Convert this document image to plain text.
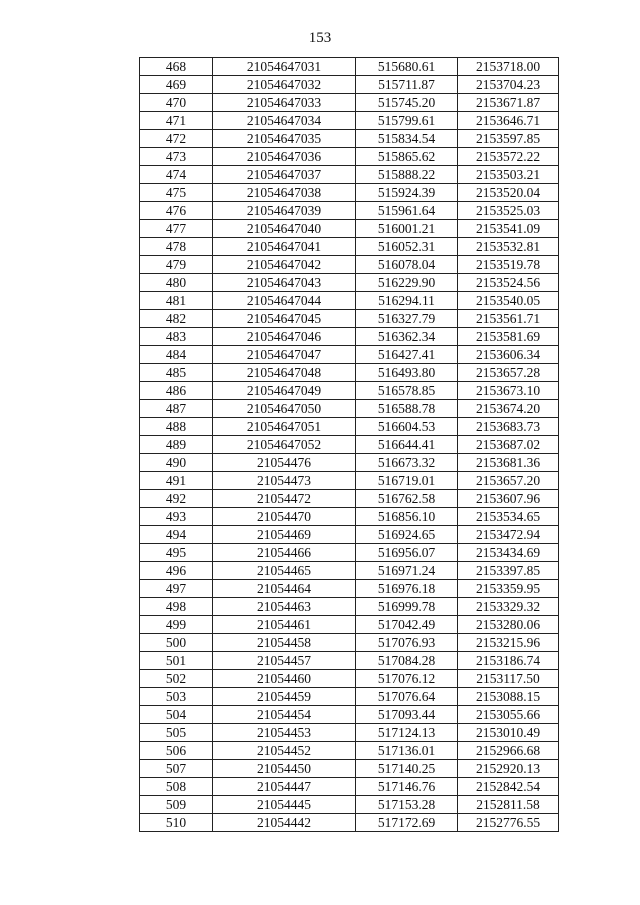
153
468	21054647031	515680.61	2153718.00
469	21054647032	515711.87	2153704.23
470	21054647033	515745.20	2153671.87
471	21054647034	515799.61	2153646.71
472	21054647035	515834.54	2153597.85
473	21054647036	515865.62	2153572.22
474	21054647037	515888.22	2153503.21
475	21054647038	515924.39	2153520.04
476	21054647039	515961.64	2153525.03
477	21054647040	516001.21	2153541.09
478	21054647041	516052.31	2153532.81
479	21054647042	516078.04	2153519.78
480	21054647043	516229.90	2153524.56
481	21054647044	516294.11	2153540.05
482	21054647045	516327.79	2153561.71
483	21054647046	516362.34	2153581.69
484	21054647047	516427.41	2153606.34
485	21054647048	516493.80	2153657.28
486	21054647049	516578.85	2153673.10
487	21054647050	516588.78	2153674.20
488	21054647051	516604.53	2153683.73
489	21054647052	516644.41	2153687.02
490	21054476	516673.32	2153681.36
491	21054473	516719.01	2153657.20
492	21054472	516762.58	2153607.96
493	21054470	516856.10	2153534.65
494	21054469	516924.65	2153472.94
495	21054466	516956.07	2153434.69
496	21054465	516971.24	2153397.85
497	21054464	516976.18	2153359.95
498	21054463	516999.78	2153329.32
499	21054461	517042.49	2153280.06
500	21054458	517076.93	2153215.96
501	21054457	517084.28	2153186.74
502	21054460	517076.12	2153117.50
503	21054459	517076.64	2153088.15
504	21054454	517093.44	2153055.66
505	21054453	517124.13	2153010.49
506	21054452	517136.01	2152966.68
507	21054450	517140.25	2152920.13
508	21054447	517146.76	2152842.54
509	21054445	517153.28	2152811.58
510	21054442	517172.69	2152776.55
